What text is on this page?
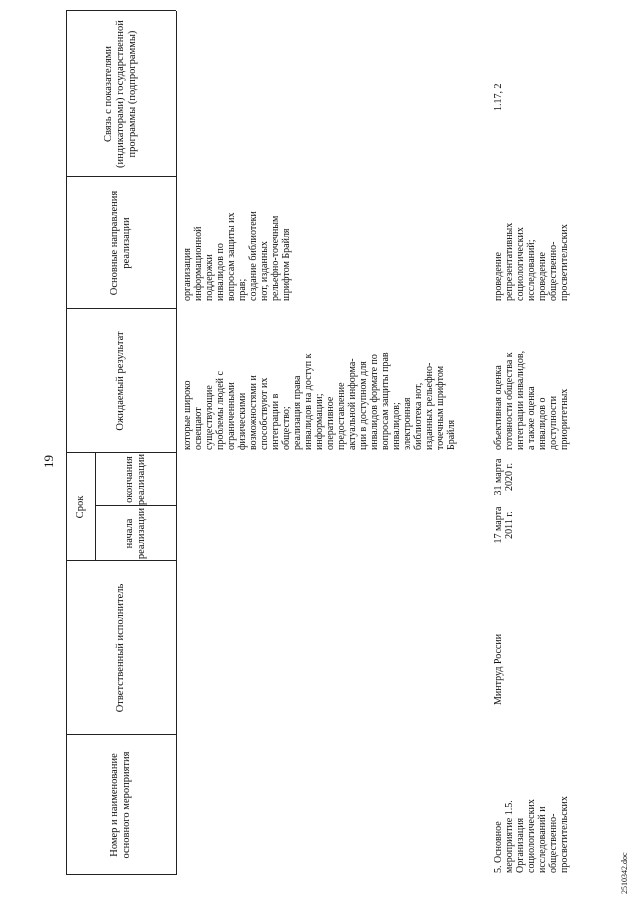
19
Номер и наименование основного мероприятия
Ответственный исполнитель
Срок
начала реализации
окончания реализации
Ожидаемый результат
Основные направления реализации
Связь с показателями (индикаторами) государственной программы (подпрограммы)
которые широко
освещают
существующие
проблемы людей с
ограниченными
физическими
возможностями и
способствуют их
интеграции в
общество;
реализация права
инвалидов на доступ к
информации;
оперативное
предоставление
актуальной информа-
ции в доступном для
инвалидов формате по
вопросам защиты прав
инвалидов;
электронная
библиотека нот,
изданных рельефно-
точечным шрифтом
Брайля
организация
информационной
поддержки
инвалидов по
вопросам защиты их
прав;
создание библиотеки
нот, изданных
рельефно-точечным
шрифтом Брайля
5. Основное
мероприятие 1.5.
Организация
социологических
исследований и
общественно-
просветительских
Минтруд России
17 марта
2011 г.
31 марта
2020 г.
объективная оценка
готовности общества к
интеграции инвалидов,
а также оценка
инвалидов о
доступности
приоритетных
проведение
репрезентативных
социологических
исследований;
проведение
общественно-
просветительских
1.17, 2
2510342.doc
